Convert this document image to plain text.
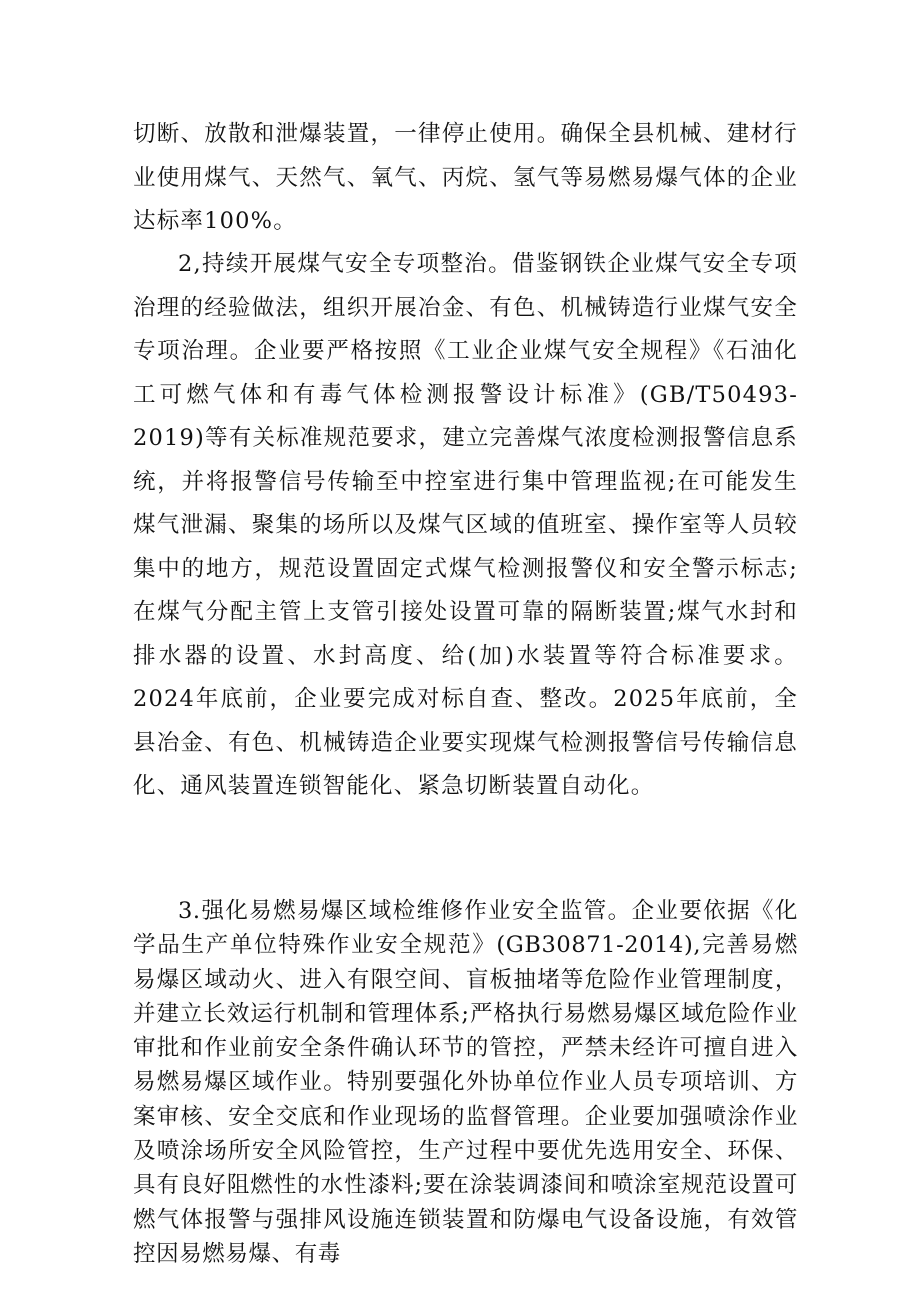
切断、放散和泄爆装置，一律停止使用。确保全县机械、建材行业使用煤气、天然气、氧气、丙烷、氢气等易燃易爆气体的企业达标率100%。

2,持续开展煤气安全专项整治。借鉴钢铁企业煤气安全专项治理的经验做法，组织开展冶金、有色、机械铸造行业煤气安全专项治理。企业要严格按照《工业企业煤气安全规程》《石油化工可燃气体和有毒气体检测报警设计标准》(GB/T50493-2019)等有关标准规范要求，建立完善煤气浓度检测报警信息系统，并将报警信号传输至中控室进行集中管理监视;在可能发生煤气泄漏、聚集的场所以及煤气区域的值班室、操作室等人员较集中的地方，规范设置固定式煤气检测报警仪和安全警示标志;在煤气分配主管上支管引接处设置可靠的隔断装置;煤气水封和排水器的设置、水封高度、给(加)水装置等符合标准要求。2024年底前，企业要完成对标自查、整改。2025年底前，全县冶金、有色、机械铸造企业要实现煤气检测报警信号传输信息化、通风装置连锁智能化、紧急切断装置自动化。

3.强化易燃易爆区域检维修作业安全监管。企业要依据《化学品生产单位特殊作业安全规范》(GB30871-2014),完善易燃易爆区域动火、进入有限空间、盲板抽堵等危险作业管理制度，并建立长效运行机制和管理体系;严格执行易燃易爆区域危险作业审批和作业前安全条件确认环节的管控，严禁未经许可擅自进入易燃易爆区域作业。特别要强化外协单位作业人员专项培训、方案审核、安全交底和作业现场的监督管理。企业要加强喷涂作业及喷涂场所安全风险管控，生产过程中要优先选用安全、环保、具有良好阻燃性的水性漆料;要在涂装调漆间和喷涂室规范设置可燃气体报警与强排风设施连锁装置和防爆电气设备设施，有效管控因易燃易爆、有毒
